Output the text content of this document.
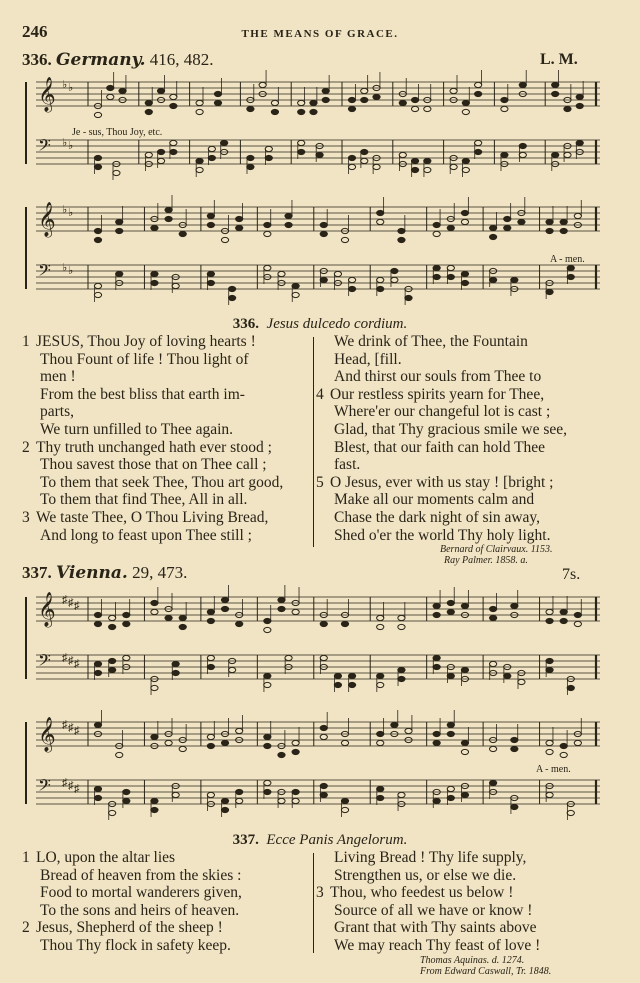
246	THE MEANS OF GRACE.
336. Germany. 416, 482.	L. M.
𝄞 ♭ ♭
𝄢 ♭ ♭
Je - sus, Thou Joy, etc.
𝄞 ♭ ♭
𝄢 ♭ ♭
A - men.
336. Jesus dulcedo cordium.
1 JESUS, Thou Joy of loving hearts !
Thou Fount of life ! Thou light of
men !
From the best bliss that earth im-
parts,
We turn unfilled to Thee again.
2 Thy truth unchanged hath ever stood ;
Thou savest those that on Thee call ;
To them that seek Thee, Thou art good,
To them that find Thee, All in all.
3 We taste Thee, O Thou Living Bread,
And long to feast upon Thee still ;
We drink of Thee, the Fountain
Head, [fill.
And thirst our souls from Thee to
4 Our restless spirits yearn for Thee,
Where'er our changeful lot is cast ;
Glad, that Thy gracious smile we see,
Blest, that our faith can hold Thee
fast.
5 O Jesus, ever with us stay ! [bright ;
Make all our moments calm and
Chase the dark night of sin away,
Shed o'er the world Thy holy light.
Bernard of Clairvaux. 1153.
Ray Palmer. 1858. a.
337. Vienna. 29, 473.	7s.
𝄞 ♯ ♯ ♯
𝄢 ♯ ♯ ♯
𝄞 ♯ ♯ ♯
𝄢 ♯ ♯ ♯
A - men.
337. Ecce Panis Angelorum.
1 LO, upon the altar lies
Bread of heaven from the skies :
Food to mortal wanderers given,
To the sons and heirs of heaven.
2 Jesus, Shepherd of the sheep !
Thou Thy flock in safety keep.
Living Bread ! Thy life supply,
Strengthen us, or else we die.
3 Thou, who feedest us below !
Source of all we have or know !
Grant that with Thy saints above
We may reach Thy feast of love !
Thomas Aquinas. d. 1274.
From Edward Caswall, Tr. 1848.
